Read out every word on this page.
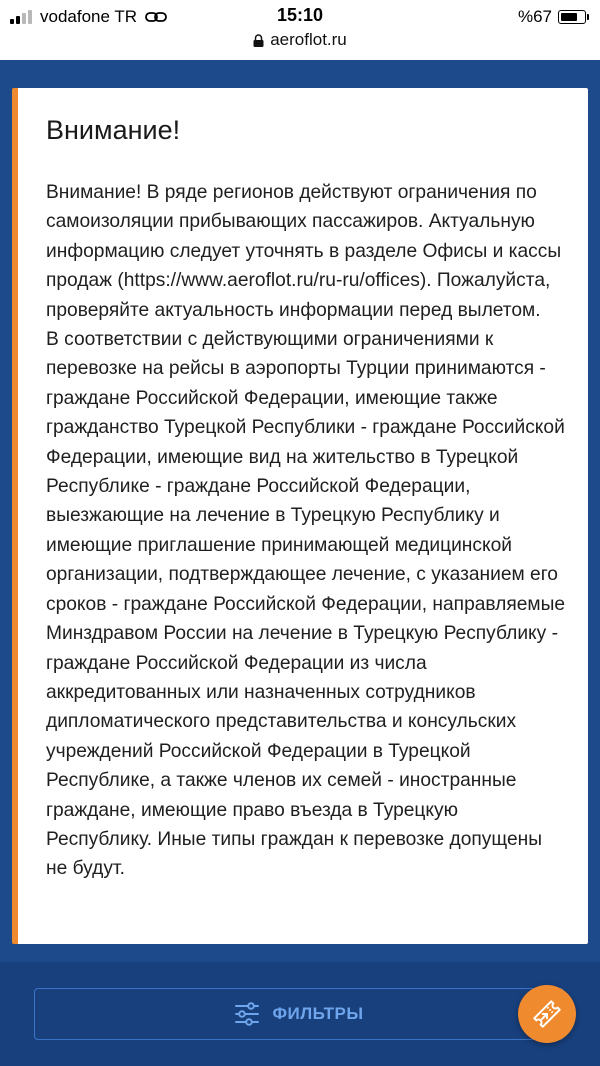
vodafone TR	15:10	%67
aeroflot.ru
Внимание!

Внимание! В ряде регионов действуют ограничения по самоизоляции прибывающих пассажиров. Актуальную информацию следует уточнять в разделе Офисы и кассы продаж (https://www.aeroflot.ru/ru-ru/offices). Пожалуйста, проверяйте актуальность информации перед вылетом.

В соответствии с действующими ограничениями к перевозке на рейсы в аэропорты Турции принимаются - граждане Российской Федерации, имеющие также гражданство Турецкой Республики - граждане Российской Федерации, имеющие вид на жительство в Турецкой Республике - граждане Российской Федерации, выезжающие на лечение в Турецкую Республику и имеющие приглашение принимающей медицинской организации, подтверждающее лечение, с указанием его сроков - граждане Российской Федерации, направляемые Минздравом России на лечение в Турецкую Республику - граждане Российской Федерации из числа аккредитованных или назначенных сотрудников дипломатического представительства и консульских учреждений Российской Федерации в Турецкой Республике, а также членов их семей - иностранные граждане, имеющие право въезда в Турецкую Республику. Иные типы граждан к перевозке допущены не будут.

ФИЛЬТРЫ
